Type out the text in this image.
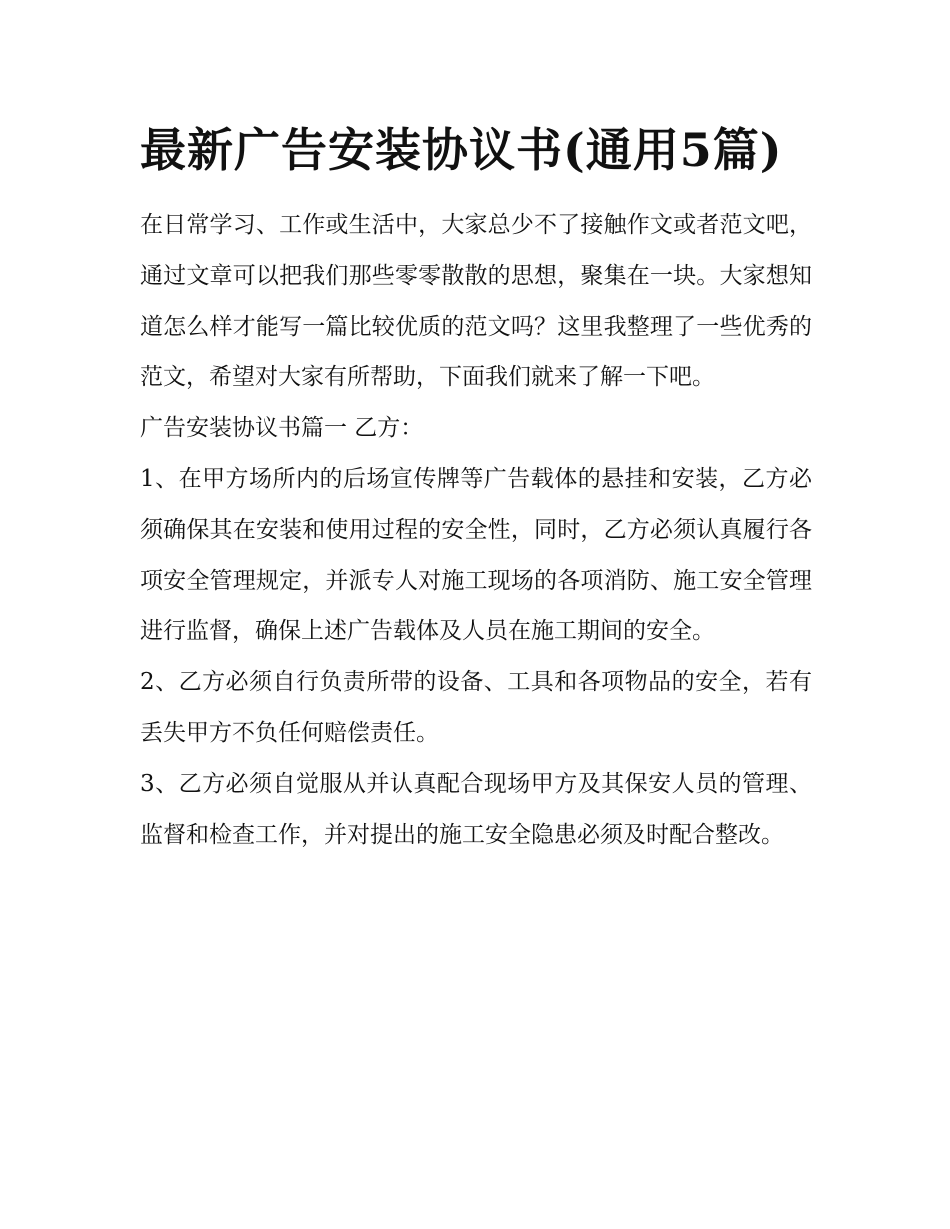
最新广告安装协议书(通用5篇)

在日常学习、工作或生活中，大家总少不了接触作文或者范文吧，通过文章可以把我们那些零零散散的思想，聚集在一块。大家想知道怎么样才能写一篇比较优质的范文吗？这里我整理了一些优秀的范文，希望对大家有所帮助，下面我们就来了解一下吧。

广告安装协议书篇一 乙方：

1、在甲方场所内的后场宣传牌等广告载体的悬挂和安装，乙方必须确保其在安装和使用过程的安全性，同时，乙方必须认真履行各项安全管理规定，并派专人对施工现场的各项消防、施工安全管理进行监督，确保上述广告载体及人员在施工期间的安全。

2、乙方必须自行负责所带的设备、工具和各项物品的安全，若有丢失甲方不负任何赔偿责任。

3、乙方必须自觉服从并认真配合现场甲方及其保安人员的管理、监督和检查工作，并对提出的施工安全隐患必须及时配合整改。
